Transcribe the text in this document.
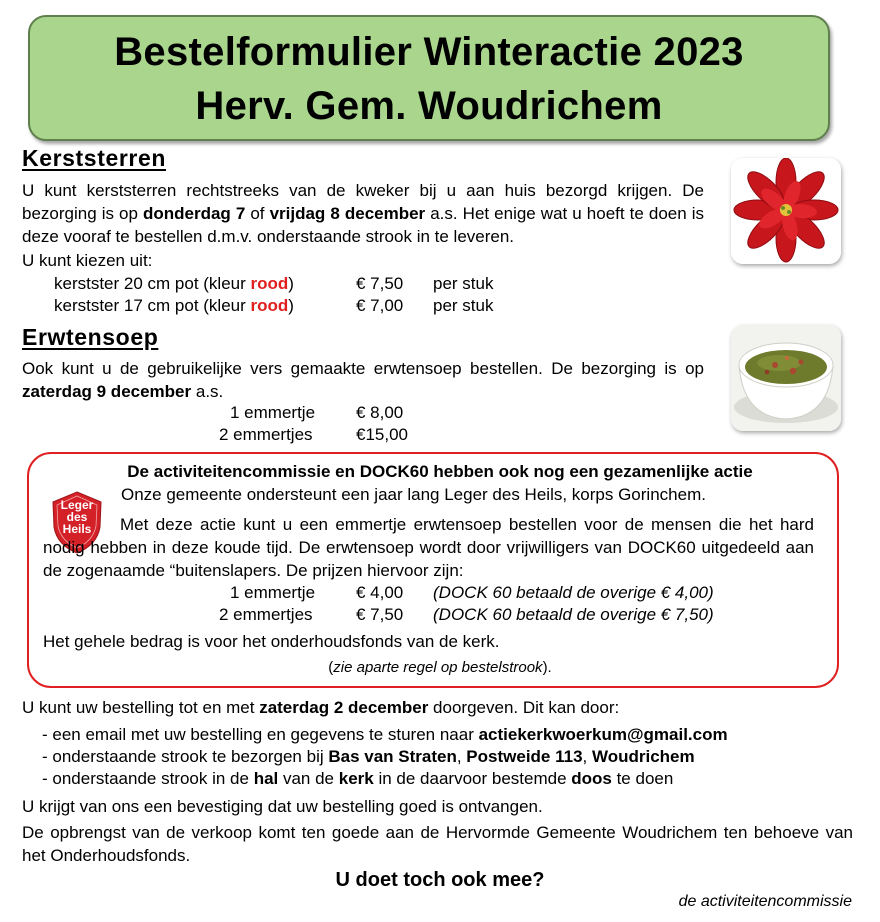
Bestelformulier Winteractie 2023
Herv. Gem. Woudrichem
Kerststerren
U kunt kerststerren rechtstreeks van de kweker bij u aan huis bezorgd krijgen. De bezorging is op donderdag 7 of vrijdag 8 december a.s. Het enige wat u hoeft te doen is deze vooraf te bestellen d.m.v. onderstaande strook in te leveren.
U kunt kiezen uit:
kerstster 20 cm pot (kleur rood)	€ 7,50 per stuk
kerstster 17 cm pot (kleur rood)	€ 7,00 per stuk
Erwtensoep
Ook kunt u de gebruikelijke vers gemaakte erwtensoep bestellen. De bezorging is op zaterdag 9 december a.s.
1 emmertje € 8,00
2 emmertjes	€15,00
De activiteitencommissie en DOCK60 hebben ook nog een gezamenlijke actie
Leger
des
Heils
Onze gemeente ondersteunt een jaar lang Leger des Heils, korps Gorinchem.
Met deze actie kunt u een emmertje erwtensoep bestellen voor de mensen die het hard nodig hebben in deze koude tijd. De erwtensoep wordt door vrijwilligers van DOCK60 uitgedeeld aan de zogenaamde “buitenslapers. De prijzen hiervoor zijn:
1 emmertje € 4,00 (DOCK 60 betaald de overige € 4,00)
2 emmertjes	€ 7,50 (DOCK 60 betaald de overige € 7,50)
Het gehele bedrag is voor het onderhoudsfonds van de kerk.
(zie aparte regel op bestelstrook).
U kunt uw bestelling tot en met zaterdag 2 december doorgeven. Dit kan door:
- een email met uw bestelling en gegevens te sturen naar actiekerkwoerkum@gmail.com
- onderstaande strook te bezorgen bij Bas van Straten, Postweide 113, Woudrichem
- onderstaande strook in de hal van de kerk in de daarvoor bestemde doos te doen
U krijgt van ons een bevestiging dat uw bestelling goed is ontvangen.
De opbrengst van de verkoop komt ten goede aan de Hervormde Gemeente Woudrichem ten behoeve van het Onderhoudsfonds.
U doet toch ook mee?
de activiteitencommissie
